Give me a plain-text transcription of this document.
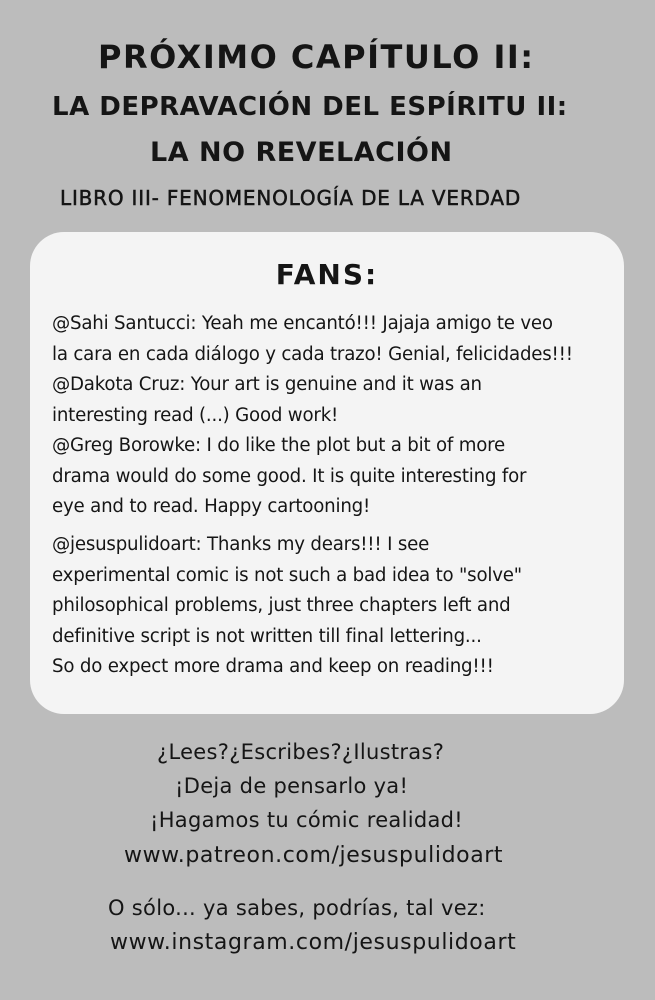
PRÓXIMO CAPÍTULO II:
LA DEPRAVACIÓN DEL ESPÍRITU II:
LA NO REVELACIÓN
LIBRO III- FENOMENOLOGÍA DE LA VERDAD
FANS:
@Sahi Santucci: Yeah me encantó!!! Jajaja amigo te veo
la cara en cada diálogo y cada trazo! Genial, felicidades!!!
@Dakota Cruz: Your art is genuine and it was an
interesting read (...) Good work!
@Greg Borowke: I do like the plot but a bit of more
drama would do some good. It is quite interesting for
eye and to read. Happy cartooning!
@jesuspulidoart: Thanks my dears!!! I see
experimental comic is not such a bad idea to "solve"
philosophical problems, just three chapters left and
definitive script is not written till final lettering...
So do expect more drama and keep on reading!!!
¿Lees?¿Escribes?¿Ilustras?
¡Deja de pensarlo ya!
¡Hagamos tu cómic realidad!
www.patreon.com/jesuspulidoart
O sólo... ya sabes, podrías, tal vez:
www.instagram.com/jesuspulidoart
